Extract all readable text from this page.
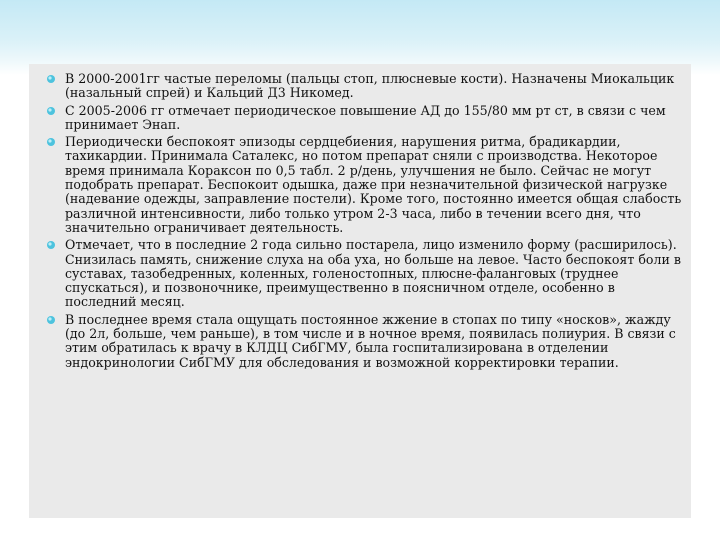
В 2000-2001гг частые переломы (пальцы стоп, плюсневые кости). Назначены Миокальцик (назальный спрей) и Кальций Д3 Никомед.
С 2005-2006 гг отмечает периодическое повышение АД до 155/80 мм рт ст, в связи с чем принимает Энап.
Периодически беспокоят эпизоды сердцебиения, нарушения ритма, брадикардии, тахикардии. Принимала Саталекс, но потом препарат сняли с производства. Некоторое время принимала Кораксон по 0,5 табл. 2 р/день, улучшения не было. Сейчас не могут подобрать препарат. Беспокоит одышка, даже при незначительной физической нагрузке (надевание одежды, заправление постели). Кроме того, постоянно имеется общая слабость различной интенсивности, либо только утром 2-3 часа, либо в течении всего дня, что значительно ограничивает деятельность.
Отмечает, что в последние 2 года сильно постарела, лицо изменило форму (расширилось). Снизилась память, снижение слуха на оба уха, но больше на левое. Часто беспокоят боли в суставах, тазобедренных, коленных, голеностопных, плюсне-фаланговых (труднее спускаться), и позвоночнике, преимущественно в поясничном отделе, особенно в последний месяц.
В последнее время стала ощущать постоянное жжение в стопах по типу «носков», жажду (до 2л, больше, чем раньше), в том числе и в ночное время, появилась полиурия. В связи с этим обратилась к врачу в КЛДЦ СибГМУ, была госпитализирована в отделении эндокринологии СибГМУ для обследования и возможной корректировки терапии.
